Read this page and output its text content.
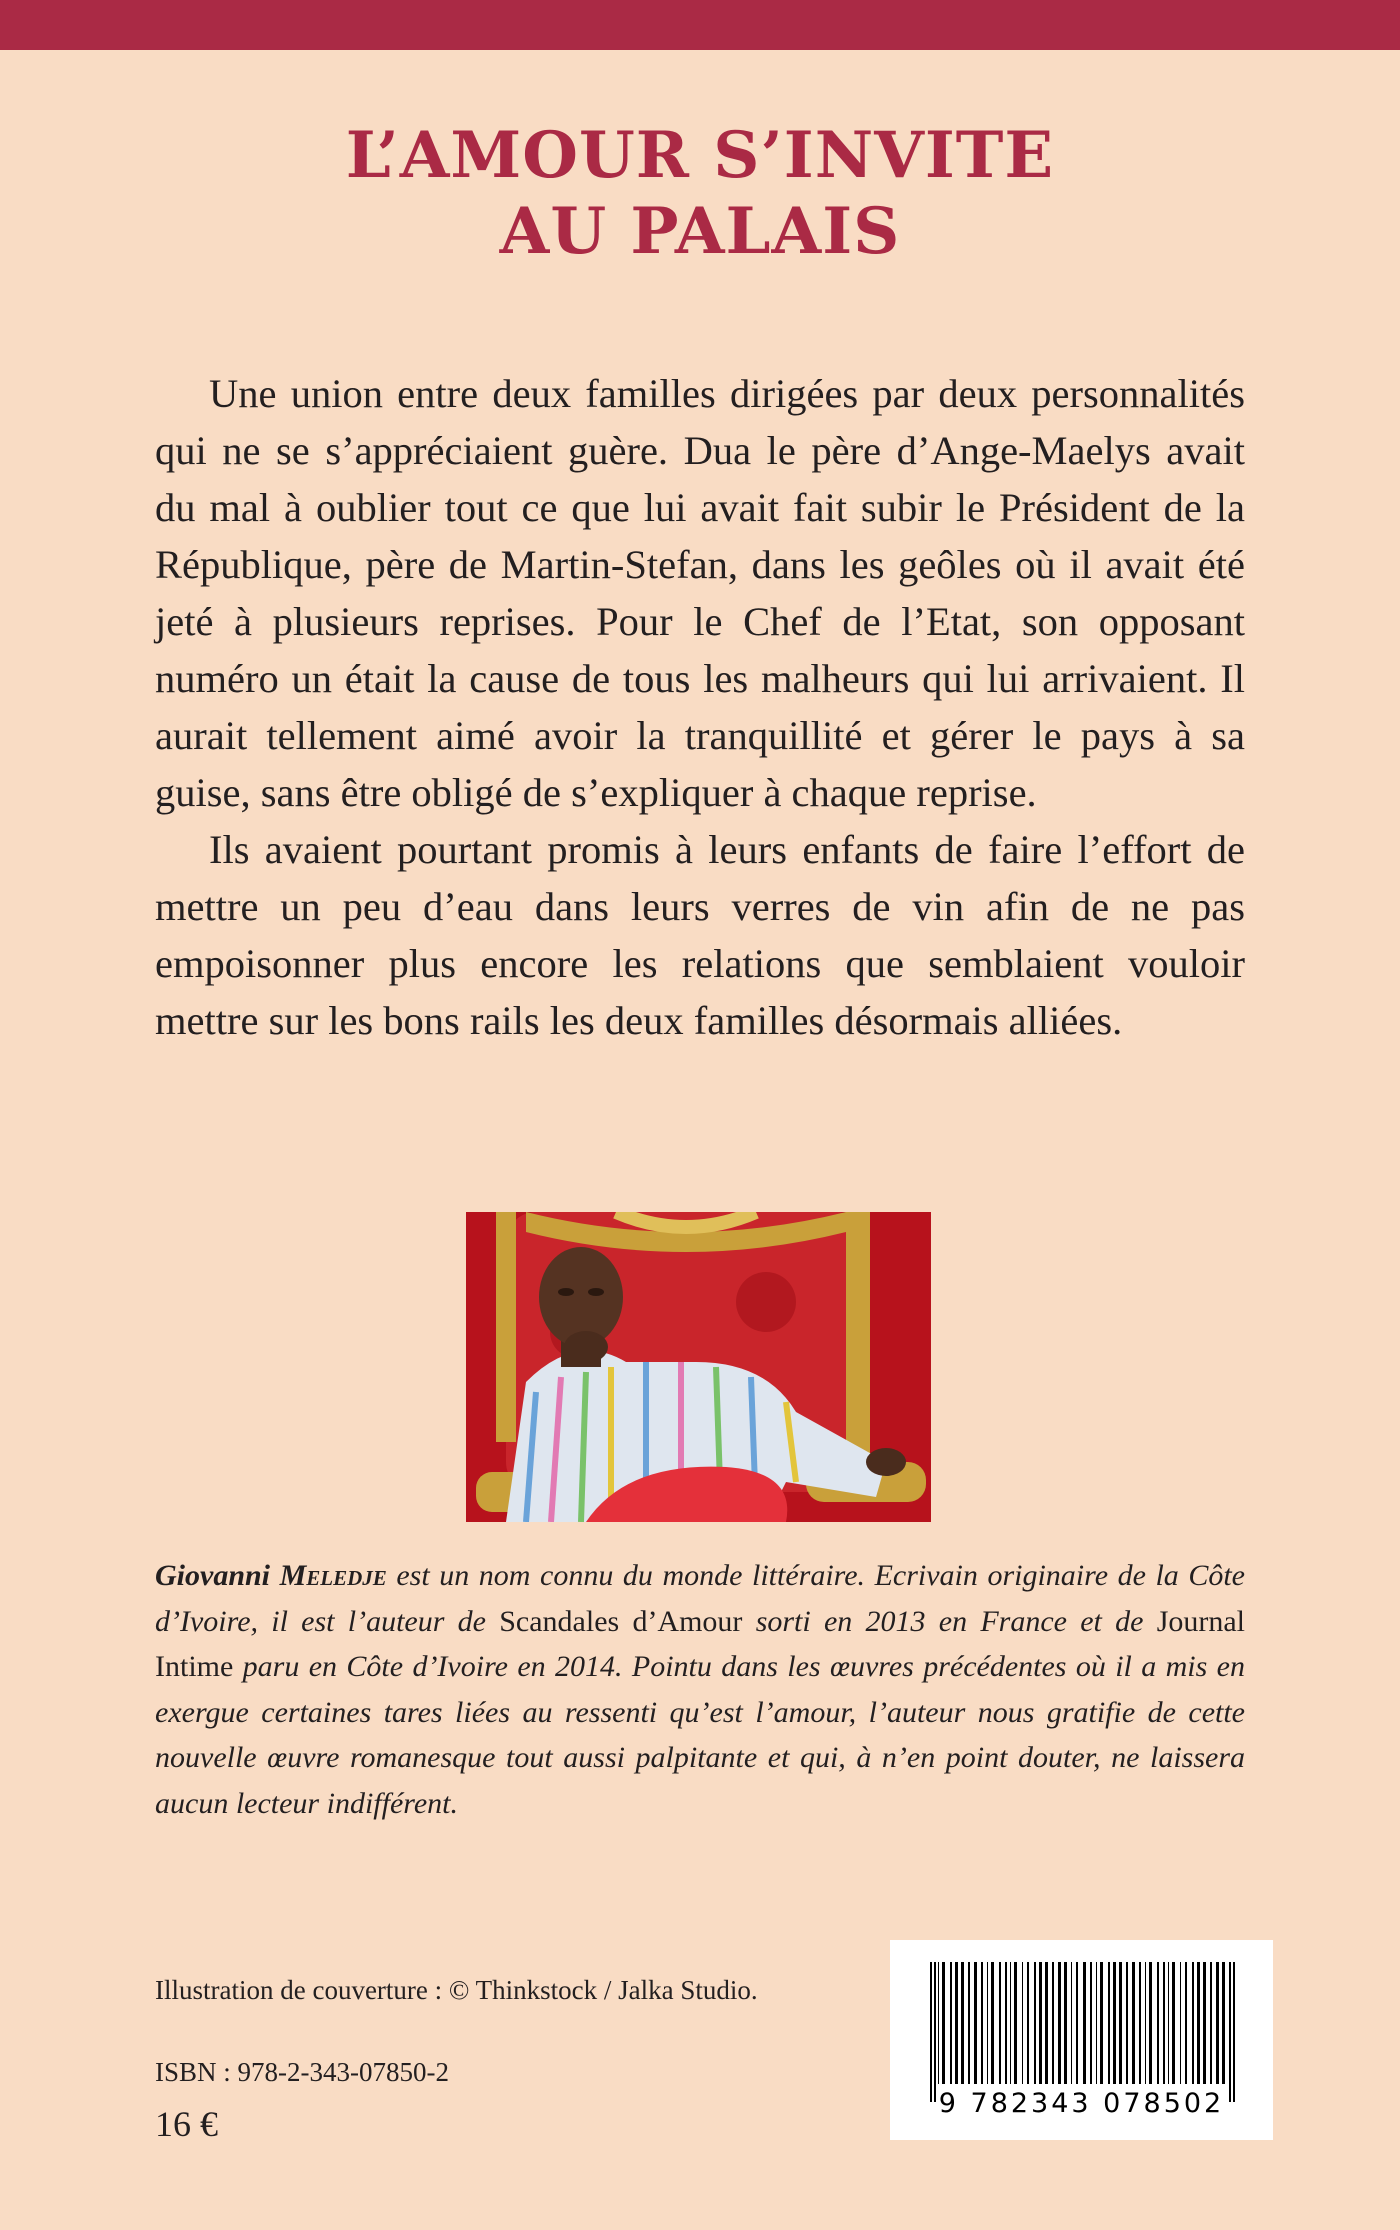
L’AMOUR S’INVITE
AU PALAIS

Une union entre deux familles dirigées par deux personnalités qui ne se s’appréciaient guère. Dua le père d’Ange-Maelys avait du mal à oublier tout ce que lui avait fait subir le Président de la République, père de Martin-Stefan, dans les geôles où il avait été jeté à plusieurs reprises. Pour le Chef de l’Etat, son opposant numéro un était la cause de tous les malheurs qui lui arrivaient. Il aurait tellement aimé avoir la tranquillité et gérer le pays à sa guise, sans être obligé de s’expliquer à chaque reprise.

Ils avaient pourtant promis à leurs enfants de faire l’effort de mettre un peu d’eau dans leurs verres de vin afin de ne pas empoisonner plus encore les relations que semblaient vouloir mettre sur les bons rails les deux familles désormais alliées.

Giovanni Meledje est un nom connu du monde littéraire. Ecrivain originaire de la Côte d’Ivoire, il est l’auteur de Scandales d’Amour sorti en 2013 en France et de Journal Intime paru en Côte d’Ivoire en 2014. Pointu dans les œuvres précédentes où il a mis en exergue certaines tares liées au ressenti qu’est l’amour, l’auteur nous gratifie de cette nouvelle œuvre romanesque tout aussi palpitante et qui, à n’en point douter, ne laissera aucun lecteur indifférent.
Illustration de couverture : © Thinkstock / Jalka Studio.
ISBN : 978-2-343-07850-2
16 €
9 782343 078502
